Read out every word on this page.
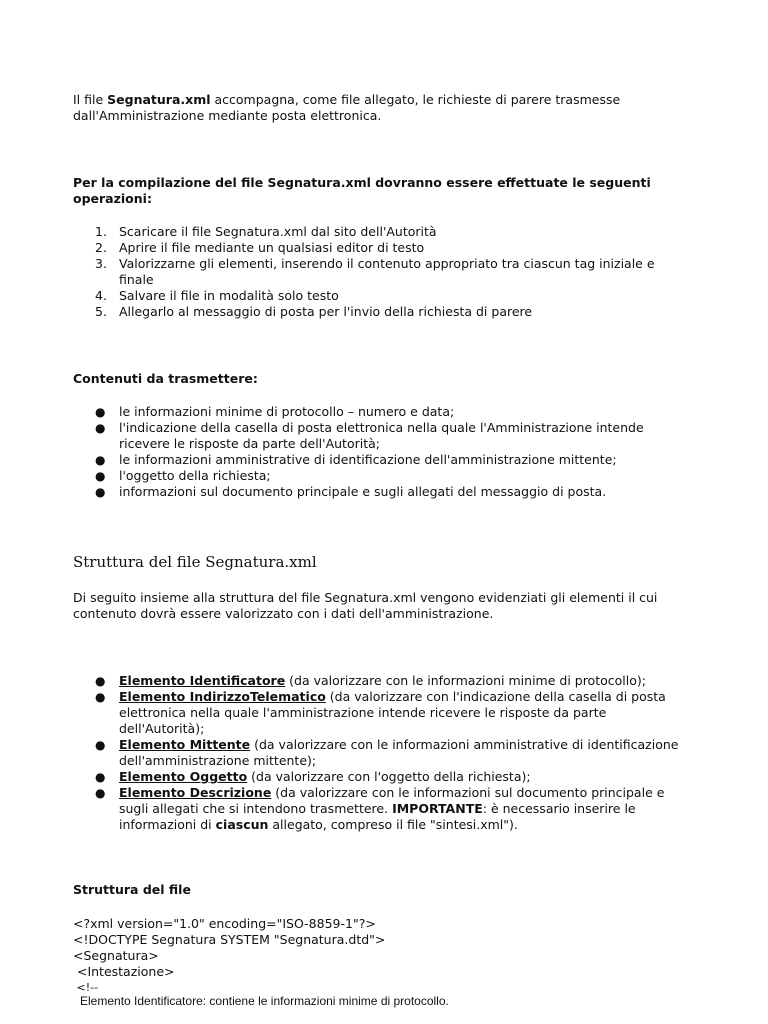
Il file Segnatura.xml accompagna, come file allegato, le richieste di parere trasmesse dall'Amministrazione mediante posta elettronica.

Per la compilazione del file Segnatura.xml dovranno essere effettuate le seguenti operazioni:

1. Scaricare il file Segnatura.xml dal sito dell'Autorità
2. Aprire il file mediante un qualsiasi editor di testo
3. Valorizzarne gli elementi, inserendo il contenuto appropriato tra ciascun tag iniziale e finale
4. Salvare il file in modalità solo testo
5. Allegarlo al messaggio di posta per l'invio della richiesta di parere

Contenuti da trasmettere:

● le informazioni minime di protocollo – numero e data;
● l'indicazione della casella di posta elettronica nella quale l'Amministrazione intende ricevere le risposte da parte dell'Autorità;
● le informazioni amministrative di identificazione dell'amministrazione mittente;
● l'oggetto della richiesta;
● informazioni sul documento principale e sugli allegati del messaggio di posta.
Struttura del file Segnatura.xml

Di seguito insieme alla struttura del file Segnatura.xml vengono evidenziati gli elementi il cui contenuto dovrà essere valorizzato con i dati dell'amministrazione.

● Elemento Identificatore (da valorizzare con le informazioni minime di protocollo);
● Elemento IndirizzoTelematico (da valorizzare con l'indicazione della casella di posta elettronica nella quale l'amministrazione intende ricevere le risposte da parte dell'Autorità);
● Elemento Mittente (da valorizzare con le informazioni amministrative di identificazione dell'amministrazione mittente);
● Elemento Oggetto (da valorizzare con l'oggetto della richiesta);
● Elemento Descrizione (da valorizzare con le informazioni sul documento principale e sugli allegati che si intendono trasmettere. IMPORTANTE: è necessario inserire le informazioni di ciascun allegato, compreso il file "sintesi.xml").

Struttura del file

<?xml version="1.0" encoding="ISO-8859-1"?>
<!DOCTYPE Segnatura SYSTEM "Segnatura.dtd">
<Segnatura>
<Intestazione>
<!--
Elemento Identificatore: contiene le informazioni minime di protocollo.
